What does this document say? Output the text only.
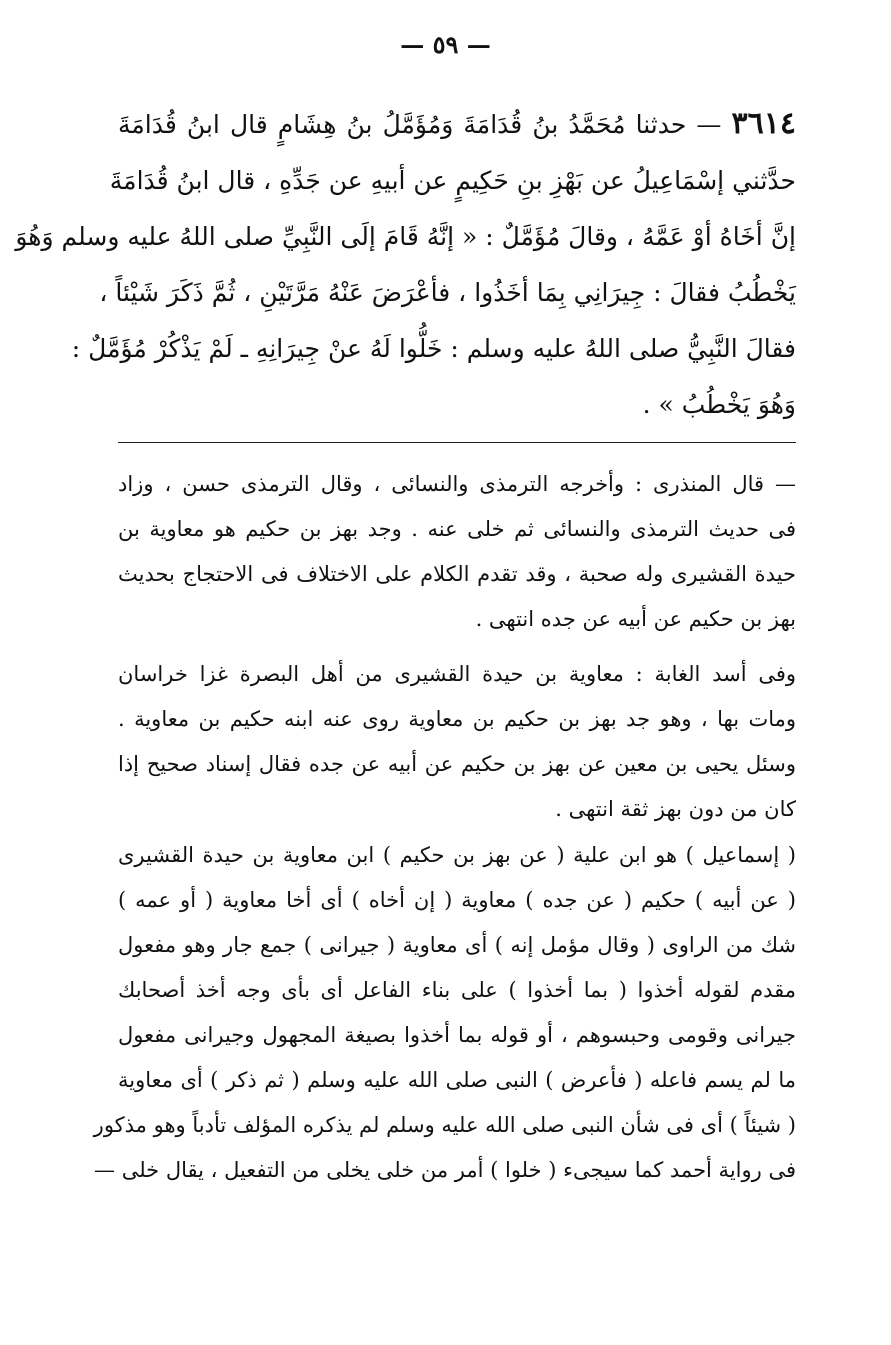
— ٥٩ —
٣٦١٤ — حدثنا مُحَمَّدُ بنُ قُدَامَةَ وَمُؤَمَّلُ بنُ هِشَامٍ قال ابنُ قُدَامَةَ
حدَّثني إسْمَاعِيلُ عن بَهْزِ بنِ حَكِيمٍ عن أبيهِ عن جَدِّهِ ، قال ابنُ قُدَامَةَ
إنَّ أخَاهُ أوْ عَمَّهُ ، وقالَ مُؤَمَّلٌ : « إنَّهُ قَامَ إلَى النَّبِيِّ صلى اللهُ عليه وسلم وَهُوَ
يَخْطُبُ فقالَ : جِيرَانِي بِمَا أخَذُوا ، فأعْرَضَ عَنْهُ مَرَّتَيْنِ ، ثُمَّ ذَكَرَ شَيْئاً ،
فقالَ النَّبِيُّ صلى اللهُ عليه وسلم : خَلُّوا لَهُ عنْ جِيرَانِهِ ـ لَمْ يَذْكُرْ مُؤَمَّلٌ :
وَهُوَ يَخْطُبُ » .
— قال المنذرى : وأخرجه الترمذى والنسائى ، وقال الترمذى حسن ، وزاد
فى حديث الترمذى والنسائى ثم خلى عنه . وجد بهز بن حكيم هو معاوية بن
حيدة القشيرى وله صحبة ، وقد تقدم الكلام على الاختلاف فى الاحتجاج بحديث
بهز بن حكيم عن أبيه عن جده انتهى .
وفى أسد الغابة : معاوية بن حيدة القشيرى من أهل البصرة غزا خراسان
ومات بها ، وهو جد بهز بن حكيم بن معاوية روى عنه ابنه حكيم بن معاوية .
وسئل يحيى بن معين عن بهز بن حكيم عن أبيه عن جده فقال إسناد صحيح إذا
كان من دون بهز ثقة انتهى .
( إسماعيل ) هو ابن علية ( عن بهز بن حكيم ) ابن معاوية بن حيدة القشيرى
( عن أبيه ) حكيم ( عن جده ) معاوية ( إن أخاه ) أى أخا معاوية ( أو عمه )
شك من الراوى ( وقال مؤمل إنه ) أى معاوية ( جيرانى ) جمع جار وهو مفعول
مقدم لقوله أخذوا ( بما أخذوا ) على بناء الفاعل أى بأى وجه أخذ أصحابك
جيرانى وقومى وحبسوهم ، أو قوله بما أخذوا بصيغة المجهول وجيرانى مفعول
ما لم يسم فاعله ( فأعرض ) النبى صلى الله عليه وسلم ( ثم ذكر ) أى معاوية
( شيئاً ) أى فى شأن النبى صلى الله عليه وسلم لم يذكره المؤلف تأدباً وهو مذكور
فى رواية أحمد كما سيجىء ( خلوا ) أمر من خلى يخلى من التفعيل ، يقال خلى —
